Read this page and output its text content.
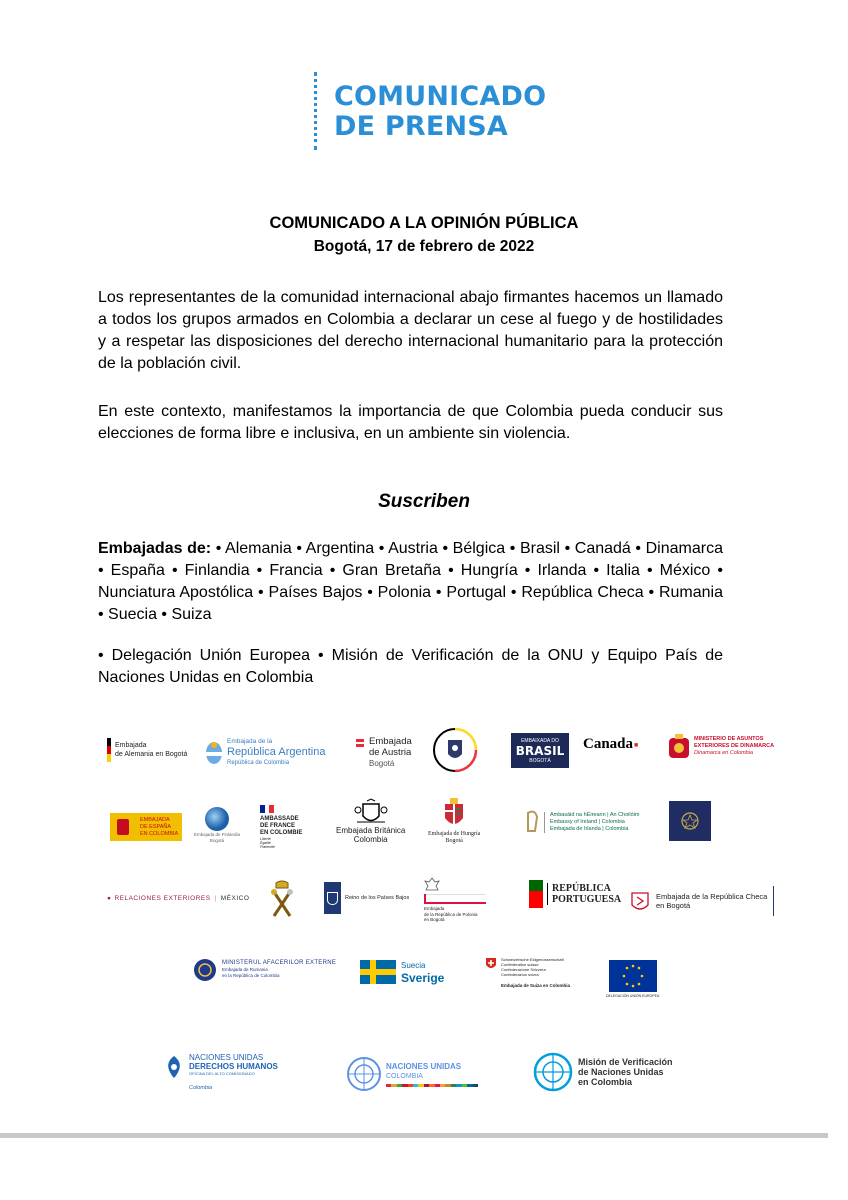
COMUNICADO
DE PRENSA
COMUNICADO A LA OPINIÓN PÚBLICA
Bogotá, 17 de febrero de 2022
Los representantes de la comunidad internacional abajo firmantes hacemos un llamado a todos los grupos armados en Colombia a declarar un cese al fuego y de hostilidades y a respetar las disposiciones del derecho internacional humanitario para la protección de la población civil.
En este contexto, manifestamos la importancia de que Colombia pueda conducir sus elecciones de forma libre e inclusiva, en un ambiente sin violencia.
Suscriben
Embajadas de: • Alemania • Argentina • Austria • Bélgica • Brasil • Canadá • Dinamarca • España • Finlandia • Francia • Gran Bretaña • Hungría • Irlanda • Italia • México • Nunciatura Apostólica • Países Bajos • Polonia • Portugal • República Checa • Rumania • Suecia • Suiza
• Delegación Unión Europea • Misión de Verificación de la ONU y Equipo País de Naciones Unidas en Colombia
Embajada
de Alemania en Bogotá
Embajada de la
República Argentina
República de Colombia
Embajada
de Austria
Bogotá
EMBAIXADA DO
BRASIL
BOGOTÁ
Canada ■
MINISTERIO DE ASUNTOS
EXTERIORES DE DINAMARCA
Dinamarca en Colombia
EMBAJADA
DE ESPAÑA
EN COLOMBIA	Embajada de Finlandia
Bogotá
AMBASSADE
DE FRANCE
EN COLOMBIE
Liberté Égalité Fraternité
Embajada Británica
Colombia
Embajada de Hungría
Bogotá
Ambasáid na hÉireann | An Choilóim
Embassy of Ireland | Colombia
Embajada de Irlanda | Colombia
● RELACIONES EXTERIORES | MÉXICO	Reino de los Países Bajos
Embajada
de la República de Polonia
en Bogotá
REPÚBLICA
PORTUGUESA	Embajada de la República Checa
en Bogotá
MINISTERUL AFACERILOR EXTERNE
Embajada de Rumania
en la República de Colombia
Suecia
Sverige
Schweizerische Eidgenossenschaft
Confédération suisse
Confederazione Svizzera
Confederaziun svizra
Embajada de Suiza en Colombia
DELEGACIÓN UNIÓN EUROPEA
NACIONES UNIDAS
DERECHOS HUMANOS
OFICINA DEL ALTO COMISIONADO
Colombia
NACIONES UNIDAS
COLOMBIA
Misión de Verificación
de Naciones Unidas
en Colombia
